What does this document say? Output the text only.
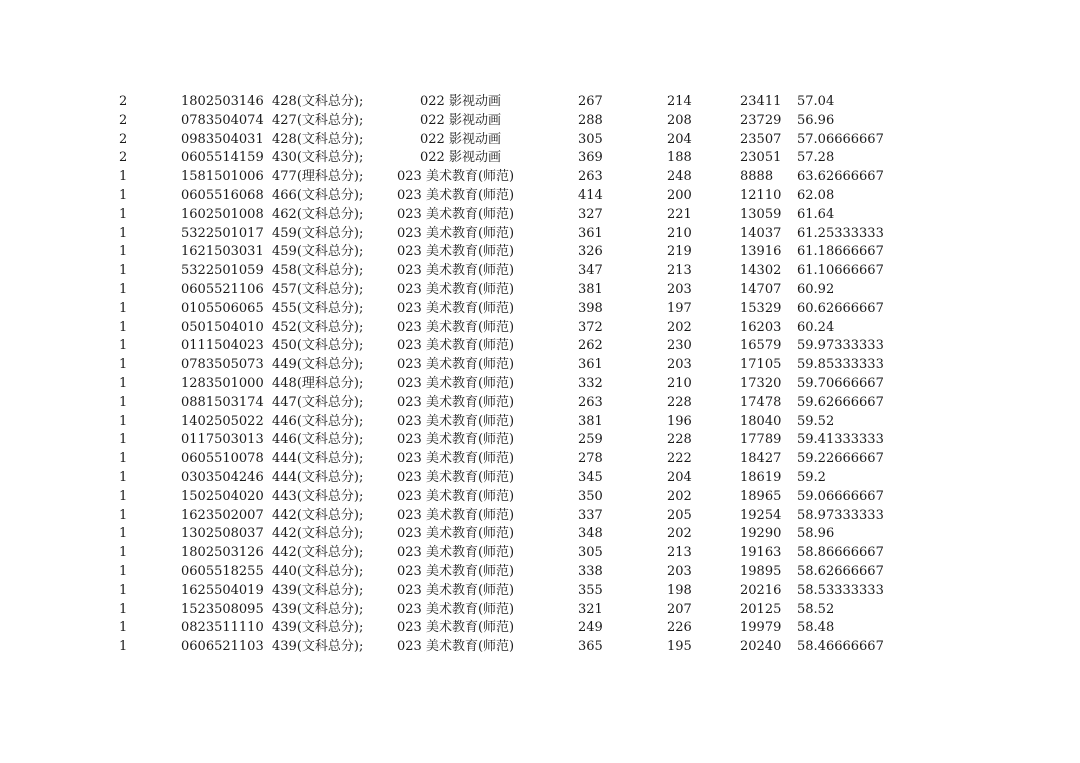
2	1802503146 428(文科总分);	022 影视动画	267	214	23411 57.04
2	0783504074 427(文科总分);	022 影视动画	288	208	23729 56.96
2	0983504031 428(文科总分);	022 影视动画	305	204	23507 57.06666667
2	0605514159 430(文科总分);	022 影视动画	369	188	23051 57.28
1	1581501006 477(理科总分);	023 美术教育(师范)	263	248	8888 63.62666667
1	0605516068 466(文科总分);	023 美术教育(师范)	414	200	12110 62.08
1	1602501008 462(文科总分);	023 美术教育(师范)	327	221	13059 61.64
1	5322501017 459(文科总分);	023 美术教育(师范)	361	210	14037 61.25333333
1	1621503031 459(文科总分);	023 美术教育(师范)	326	219	13916 61.18666667
1	5322501059 458(文科总分);	023 美术教育(师范)	347	213	14302 61.10666667
1	0605521106 457(文科总分);	023 美术教育(师范)	381	203	14707 60.92
1	0105506065 455(文科总分);	023 美术教育(师范)	398	197	15329 60.62666667
1	0501504010 452(文科总分);	023 美术教育(师范)	372	202	16203 60.24
1	0111504023 450(文科总分);	023 美术教育(师范)	262	230	16579 59.97333333
1	0783505073 449(文科总分);	023 美术教育(师范)	361	203	17105 59.85333333
1	1283501000 448(理科总分);	023 美术教育(师范)	332	210	17320 59.70666667
1	0881503174 447(文科总分);	023 美术教育(师范)	263	228	17478 59.62666667
1	1402505022 446(文科总分);	023 美术教育(师范)	381	196	18040 59.52
1	0117503013 446(文科总分);	023 美术教育(师范)	259	228	17789 59.41333333
1	0605510078 444(文科总分);	023 美术教育(师范)	278	222	18427 59.22666667
1	0303504246 444(文科总分);	023 美术教育(师范)	345	204	18619 59.2
1	1502504020 443(文科总分);	023 美术教育(师范)	350	202	18965 59.06666667
1	1623502007 442(文科总分);	023 美术教育(师范)	337	205	19254 58.97333333
1	1302508037 442(文科总分);	023 美术教育(师范)	348	202	19290 58.96
1	1802503126 442(文科总分);	023 美术教育(师范)	305	213	19163 58.86666667
1	0605518255 440(文科总分);	023 美术教育(师范)	338	203	19895 58.62666667
1	1625504019 439(文科总分);	023 美术教育(师范)	355	198	20216 58.53333333
1	1523508095 439(文科总分);	023 美术教育(师范)	321	207	20125 58.52
1	0823511110 439(文科总分);	023 美术教育(师范)	249	226	19979 58.48
1	0606521103 439(文科总分);	023 美术教育(师范)	365	195	20240 58.46666667
